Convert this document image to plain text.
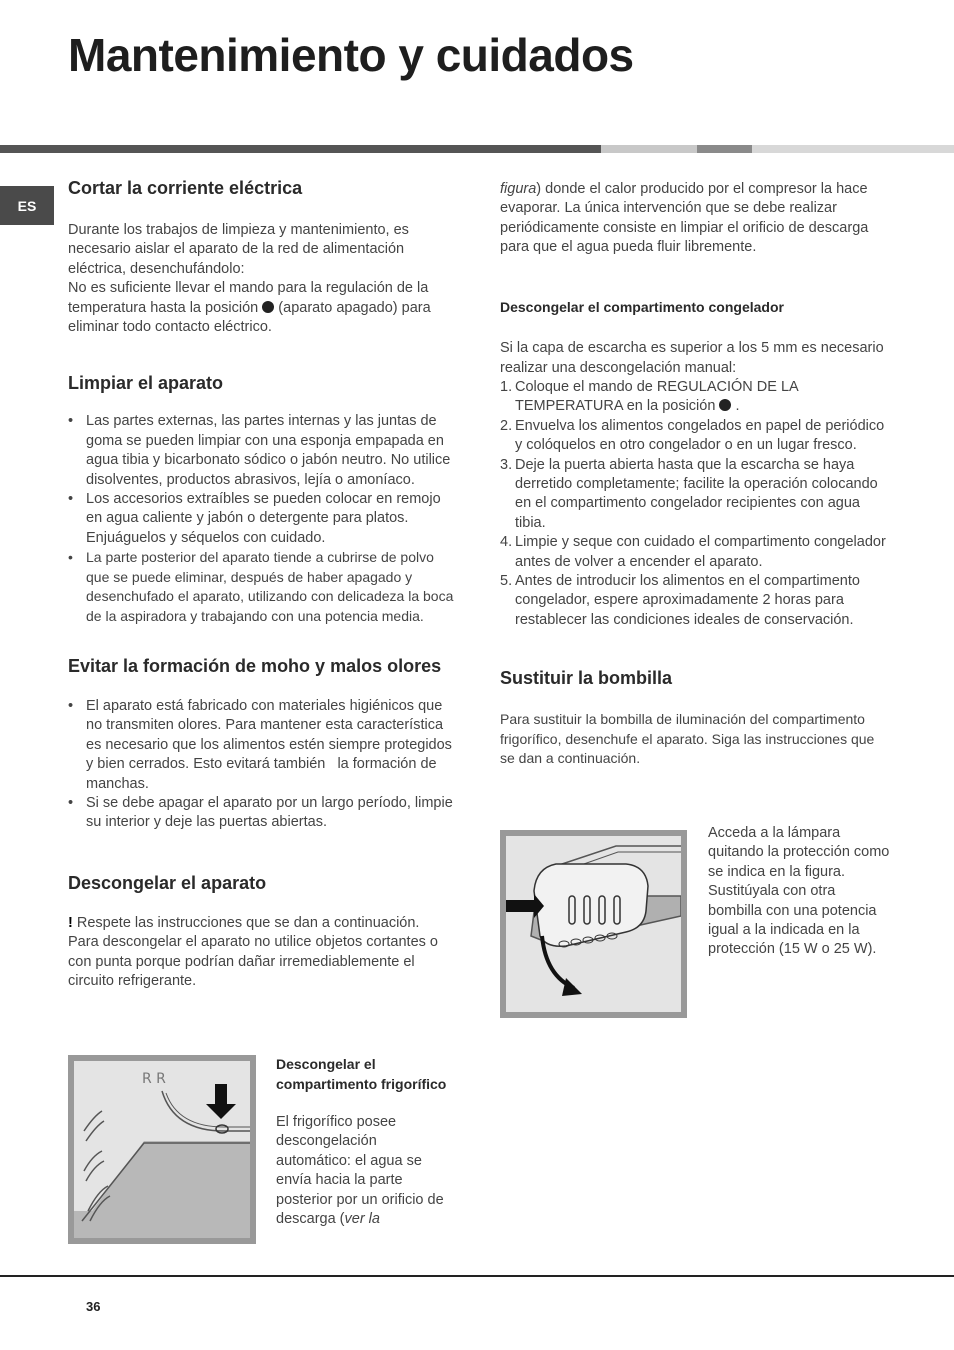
Mantenimiento y cuidados
ES
Cortar la corriente eléctrica

Durante los trabajos de limpieza y mantenimiento, es necesario aislar el aparato de la red de alimentación eléctrica, desenchufándolo:

No es suficiente llevar el mando para la regulación de la temperatura hasta la posición (aparato apagado) para eliminar todo contacto eléctrico.

Limpiar el aparato
• Las partes externas, las partes internas y las juntas de goma se pueden limpiar con una esponja empapada en agua tibia y bicarbonato sódico o jabón neutro. No utilice disolventes, productos abrasivos, lejía o amoníaco.
• Los accesorios extraíbles se pueden colocar en remojo en agua caliente y jabón o detergente para platos. Enjuáguelos y séquelos con cuidado.
• La parte posterior del aparato tiende a cubrirse de polvo que se puede eliminar, después de haber apagado y desenchufado el aparato, utilizando con delicadeza la boca de la aspiradora y trabajando con una potencia media.
Evitar la formación de moho y malos olores
• El aparato está fabricado con materiales higiénicos que no transmiten olores. Para mantener esta característica es necesario que los alimentos estén siempre protegidos y bien cerrados. Esto evitará también   la formación de manchas.
• Si se debe apagar el aparato por un largo período, limpie su interior y deje las puertas abiertas.
Descongelar el aparato

! Respete las instrucciones que se dan a continuación. Para descongelar el aparato no utilice objetos cortantes o con punta porque podrían dañar irremediablemente el circuito refrigerante.

R R
Descongelar el compartimento frigorífico

El frigorífico posee descongelación automático: el agua se envía hacia la parte posterior por un orificio de descarga (ver la

figura) donde el calor producido por el compresor la hace evaporar. La única intervención que se debe realizar periódicamente consiste en limpiar el orificio de descarga para que el agua pueda fluir libremente.

Descongelar el compartimento congelador

Si la capa de escarcha es superior a los 5 mm es necesario realizar una descongelación manual:

1. Coloque el mando de REGULACIÓN DE LA TEMPERATURA en la posición .
2. Envuelva los alimentos congelados en papel de periódico y colóquelos en otro congelador o en un lugar fresco.
3. Deje la puerta abierta hasta que la escarcha se haya derretido completamente; facilite la operación colocando en el compartimento congelador recipientes con agua tibia.
4. Limpie y seque con cuidado el compartimento congelador antes de volver a encender el aparato.
5. Antes de introducir los alimentos en el compartimento congelador, espere aproximadamente 2 horas para restablecer las condiciones ideales de conservación.
Sustituir la bombilla

Para sustituir la bombilla de iluminación del compartimento frigorífico, desenchufe el aparato. Siga las instrucciones que se dan a continuación.

Acceda a la lámpara quitando la protección como se indica en la figura. Sustitúyala con otra bombilla con una potencia igual a la indicada en la protección (15 W o 25 W).

36
